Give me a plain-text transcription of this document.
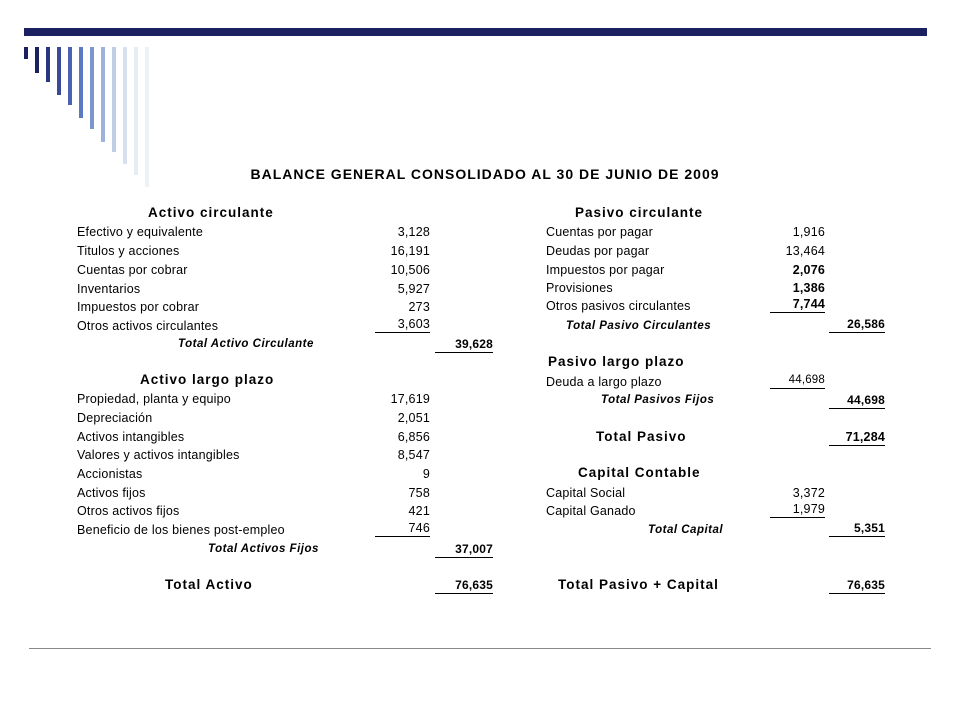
BALANCE GENERAL CONSOLIDADO AL 30 DE JUNIO DE 2009
Activo circulante
Efectivo y equivalente	3,128
Titulos y acciones	16,191
Cuentas por cobrar	10,506
Inventarios	5,927
Impuestos por cobrar	273
Otros activos circulantes	3,603
Total Activo Circulante	39,628
Activo largo plazo
Propiedad, planta y equipo	17,619
Depreciación	2,051
Activos intangibles	6,856
Valores y activos intangibles	8,547
Accionistas	9
Activos fijos	758
Otros activos fijos	421
Beneficio de los bienes post-empleo	746
Total Activos Fijos	37,007
Total Activo	76,635
Pasivo circulante
Cuentas por pagar	1,916
Deudas por pagar	13,464
Impuestos por pagar	2,076
Provisiones	1,386
Otros pasivos circulantes	7,744
Total Pasivo Circulantes	26,586
Pasivo largo plazo
Deuda a largo plazo	44,698
Total Pasivos Fijos	44,698
Total Pasivo	71,284
Capital Contable
Capital Social	3,372
Capital Ganado	1,979
Total Capital	5,351
Total Pasivo + Capital	76,635
